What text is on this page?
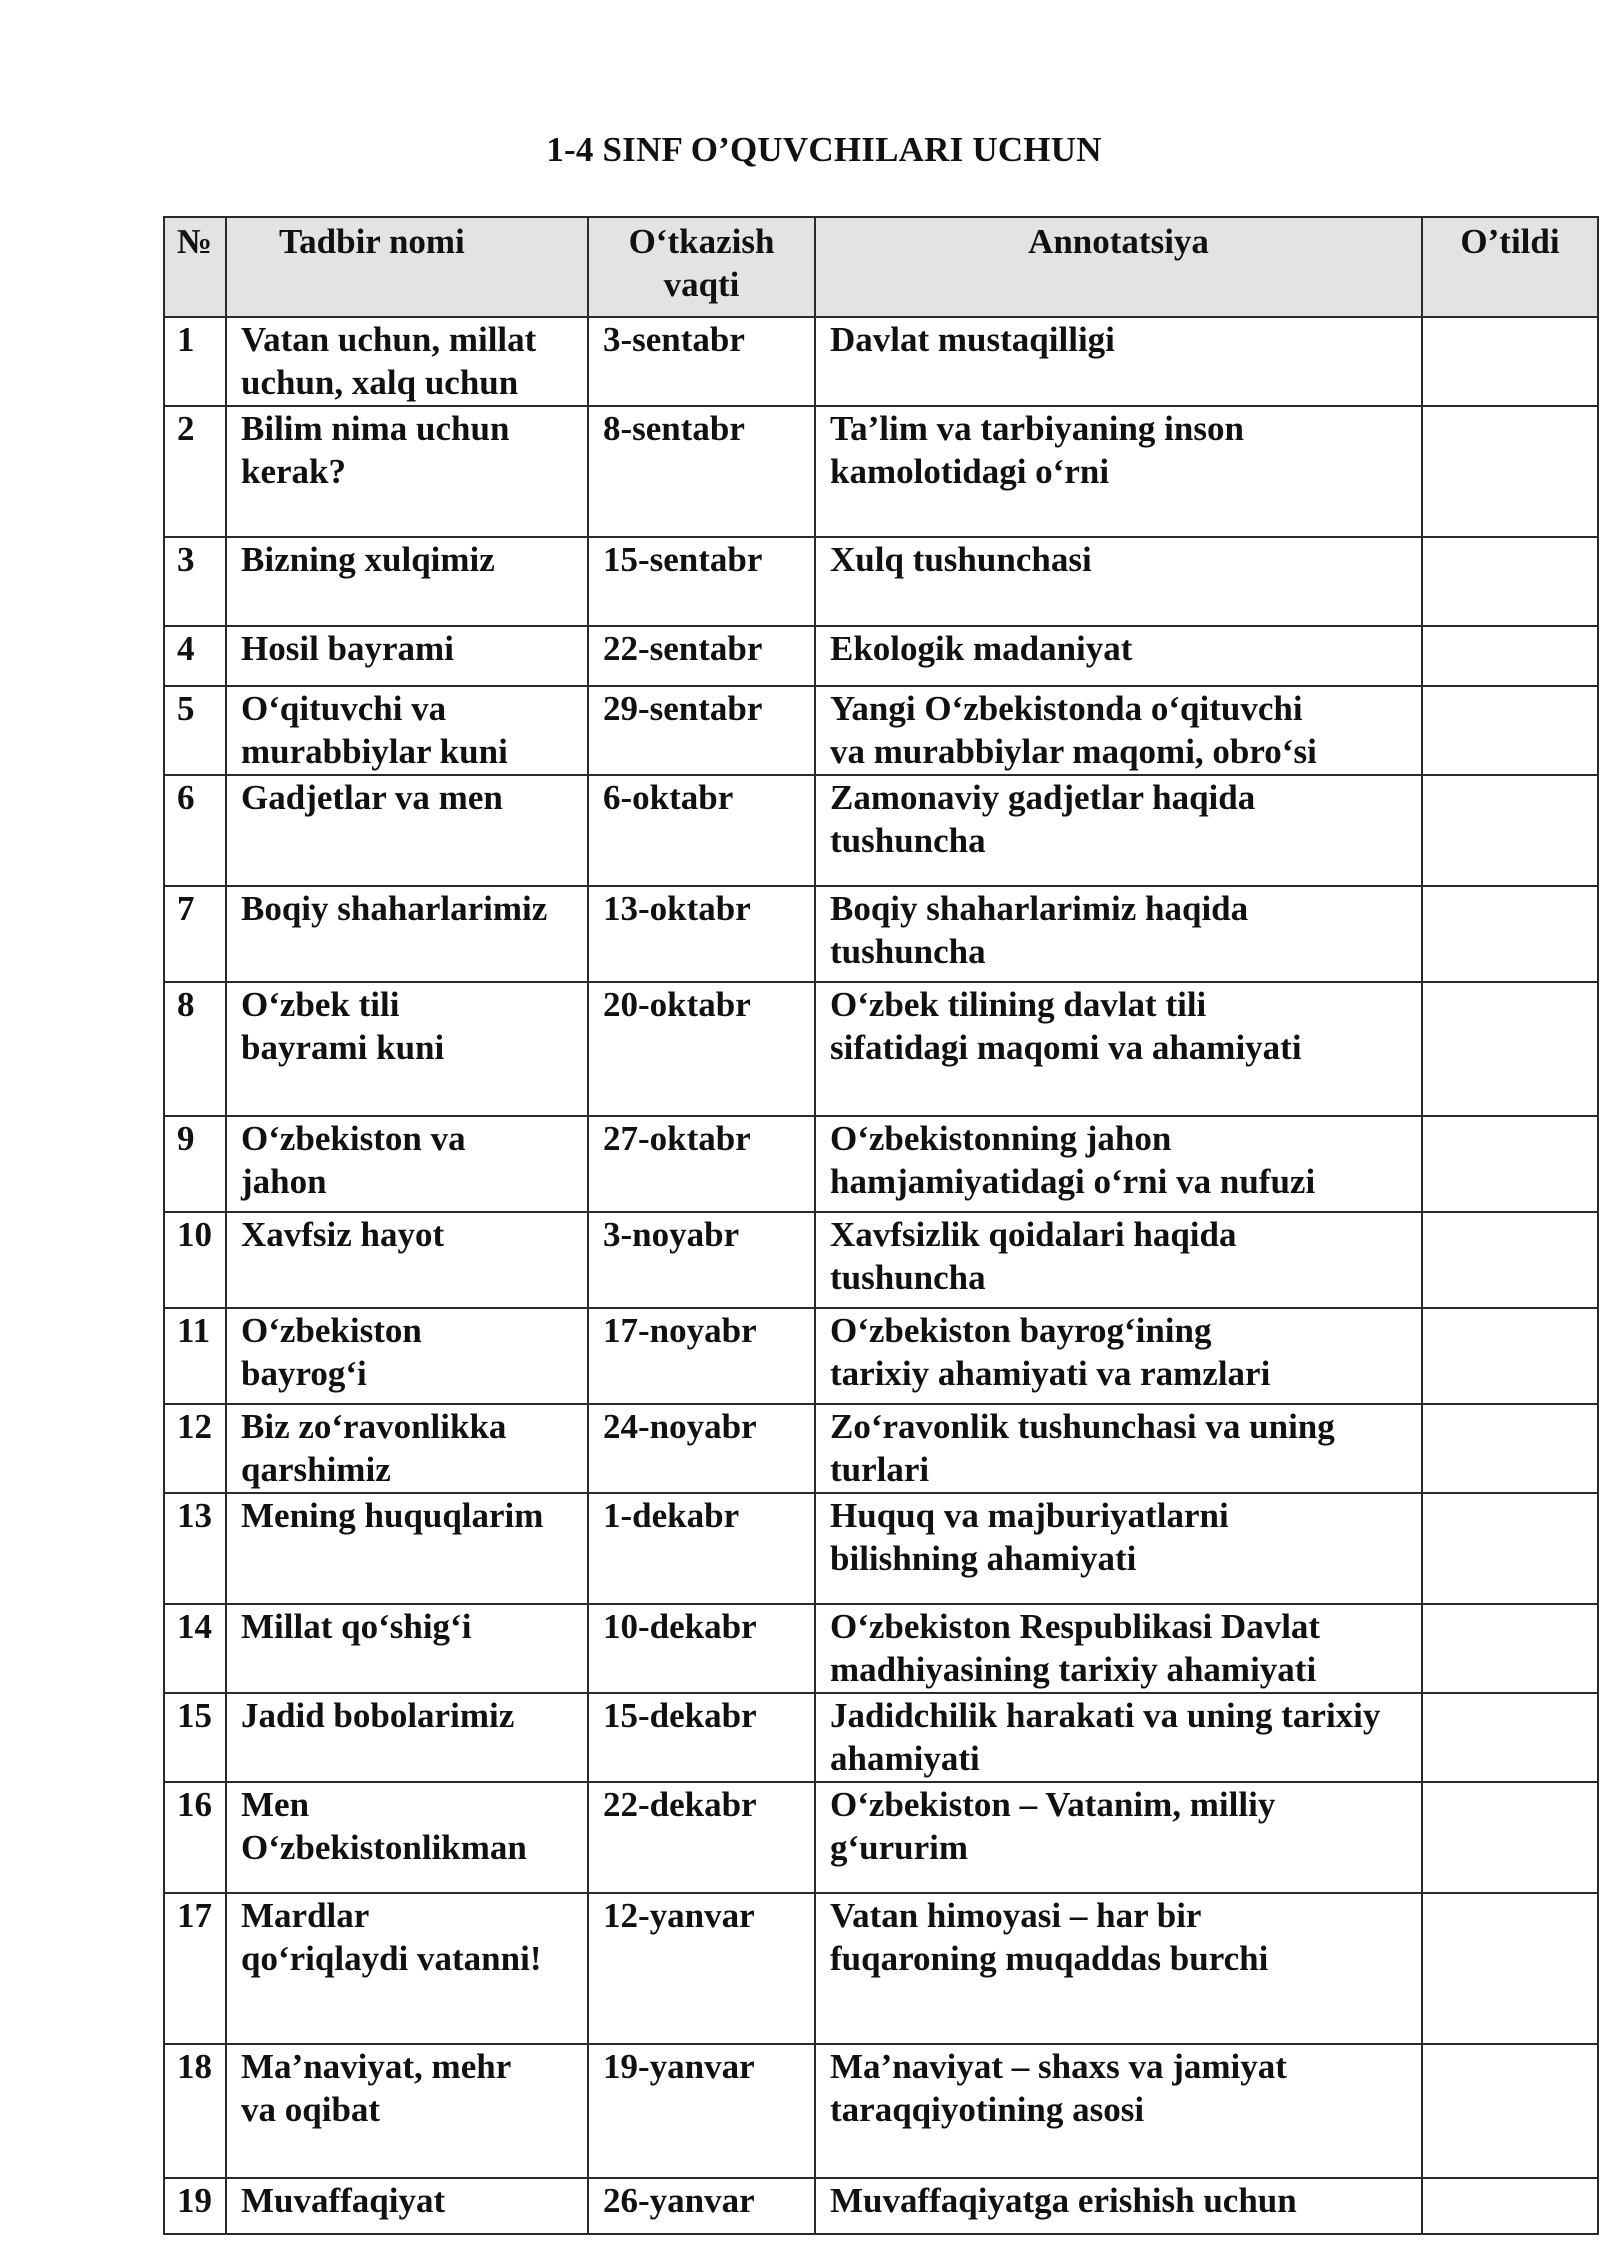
1-4 SINF O’QUVCHILARI UCHUN
№	Tadbir nomi	O‘tkazish
vaqti	Annotatsiya	O’tildi

1	Vatan uchun, millat
uchun, xalq uchun	3-sentabr	Davlat mustaqilligi	

2	Bilim nima uchun
kerak?	8-sentabr	Ta’lim va tarbiyaning inson
kamolotidagi o‘rni	

3	Bizning xulqimiz	15-sentabr	Xulq tushunchasi	

4	Hosil bayrami	22-sentabr	Ekologik madaniyat	

5	O‘qituvchi va
murabbiylar kuni	29-sentabr	Yangi O‘zbekistonda o‘qituvchi
va murabbiylar maqomi, obro‘si	

6	Gadjetlar va men	6-oktabr	Zamonaviy gadjetlar haqida
tushuncha	

7	Boqiy shaharlarimiz	13-oktabr	Boqiy shaharlarimiz haqida
tushuncha	

8	O‘zbek tili
bayrami kuni	20-oktabr	O‘zbek tilining davlat tili
sifatidagi maqomi va ahamiyati	

9	O‘zbekiston va
jahon	27-oktabr	O‘zbekistonning jahon
hamjamiyatidagi o‘rni va nufuzi	

10	Xavfsiz hayot	3-noyabr	Xavfsizlik qoidalari haqida
tushuncha	

11	O‘zbekiston
bayrog‘i	17-noyabr	O‘zbekiston bayrog‘ining
tarixiy ahamiyati va ramzlari	

12	Biz zo‘ravonlikka
qarshimiz	24-noyabr	Zo‘ravonlik tushunchasi va uning
turlari	

13	Mening huquqlarim	1-dekabr	Huquq va majburiyatlarni
bilishning ahamiyati	

14	Millat qo‘shig‘i	10-dekabr	O‘zbekiston Respublikasi Davlat
madhiyasining tarixiy ahamiyati	

15	Jadid bobolarimiz	15-dekabr	Jadidchilik harakati va uning tarixiy
ahamiyati	

16	Men
O‘zbekistonlikman	22-dekabr	O‘zbekiston – Vatanim, milliy
g‘ururim	

17	Mardlar
qo‘riqlaydi vatanni!	12-yanvar	Vatan himoyasi – har bir
fuqaroning muqaddas burchi	

18	Ma’naviyat, mehr
va oqibat	19-yanvar	Ma’naviyat – shaxs va jamiyat
taraqqiyotining asosi	

19	Muvaffaqiyat	26-yanvar	Muvaffaqiyatga erishish uchun	
